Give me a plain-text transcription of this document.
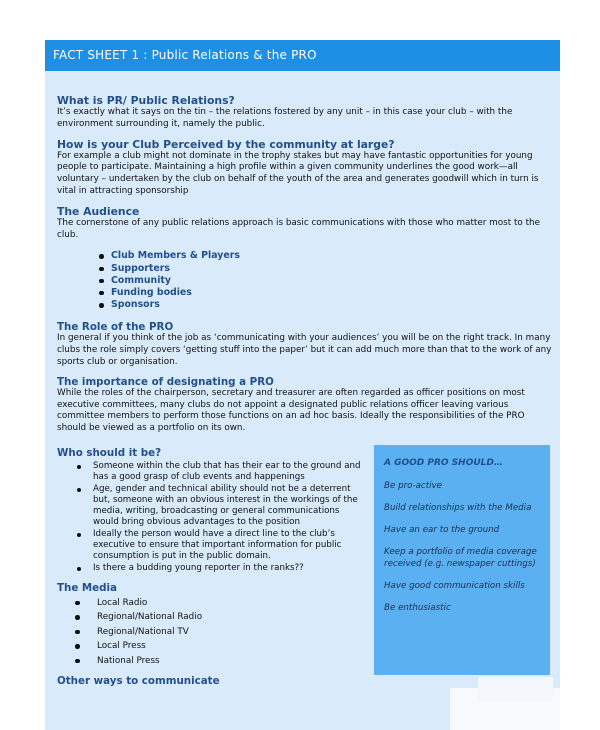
FACT SHEET 1 : Public Relations & the PRO

What is PR/ Public Relations?

It’s exactly what it says on the tin – the relations fostered by any unit – in this case your club – with the environment surrounding it, namely the public.

How is your Club Perceived by the community at large?

For example a club might not dominate in the trophy stakes but may have fantastic opportunities for young people to participate. Maintaining a high profile within a given community underlines the good work—all voluntary – undertaken by the club on behalf of the youth of the area and generates goodwill which in turn is vital in attracting sponsorship

The Audience

The cornerstone of any public relations approach is basic communications with those who matter most to the club.

Club Members & Players
Supporters
Community
Funding bodies
Sponsors

The Role of the PRO

In general if you think of the job as ‘communicating with your audiences’ you will be on the right track. In many clubs the role simply covers ‘getting stuff into the paper’ but it can add much more than that to the work of any sports club or organisation.

The importance of designating a PRO

While the roles of the chairperson, secretary and treasurer are often regarded as officer positions on most executive committees, many clubs do not appoint a designated public relations officer leaving various committee members to perform those functions on an ad hoc basis. Ideally the responsibilities of the PRO should be viewed as a portfolio on its own.

Who should it be?

Someone within the club that has their ear to the ground and has a good grasp of club events and happenings
Age, gender and technical ability should not be a deterrent but, someone with an obvious interest in the workings of the media, writing, broadcasting or general communications would bring obvious advantages to the position
Ideally the person would have a direct line to the club’s executive to ensure that important information for public consumption is put in the public domain.
Is there a budding young reporter in the ranks??

The Media

Local Radio
Regional/National Radio
Regional/National TV
Local Press
National Press

Other ways to communicate

A GOOD PRO SHOULD…
Be pro-active
Build relationships with the Media
Have an ear to the ground
Keep a portfolio of media coverage received (e.g. newspaper cuttings)
Have good communication skills
Be enthusiastic
